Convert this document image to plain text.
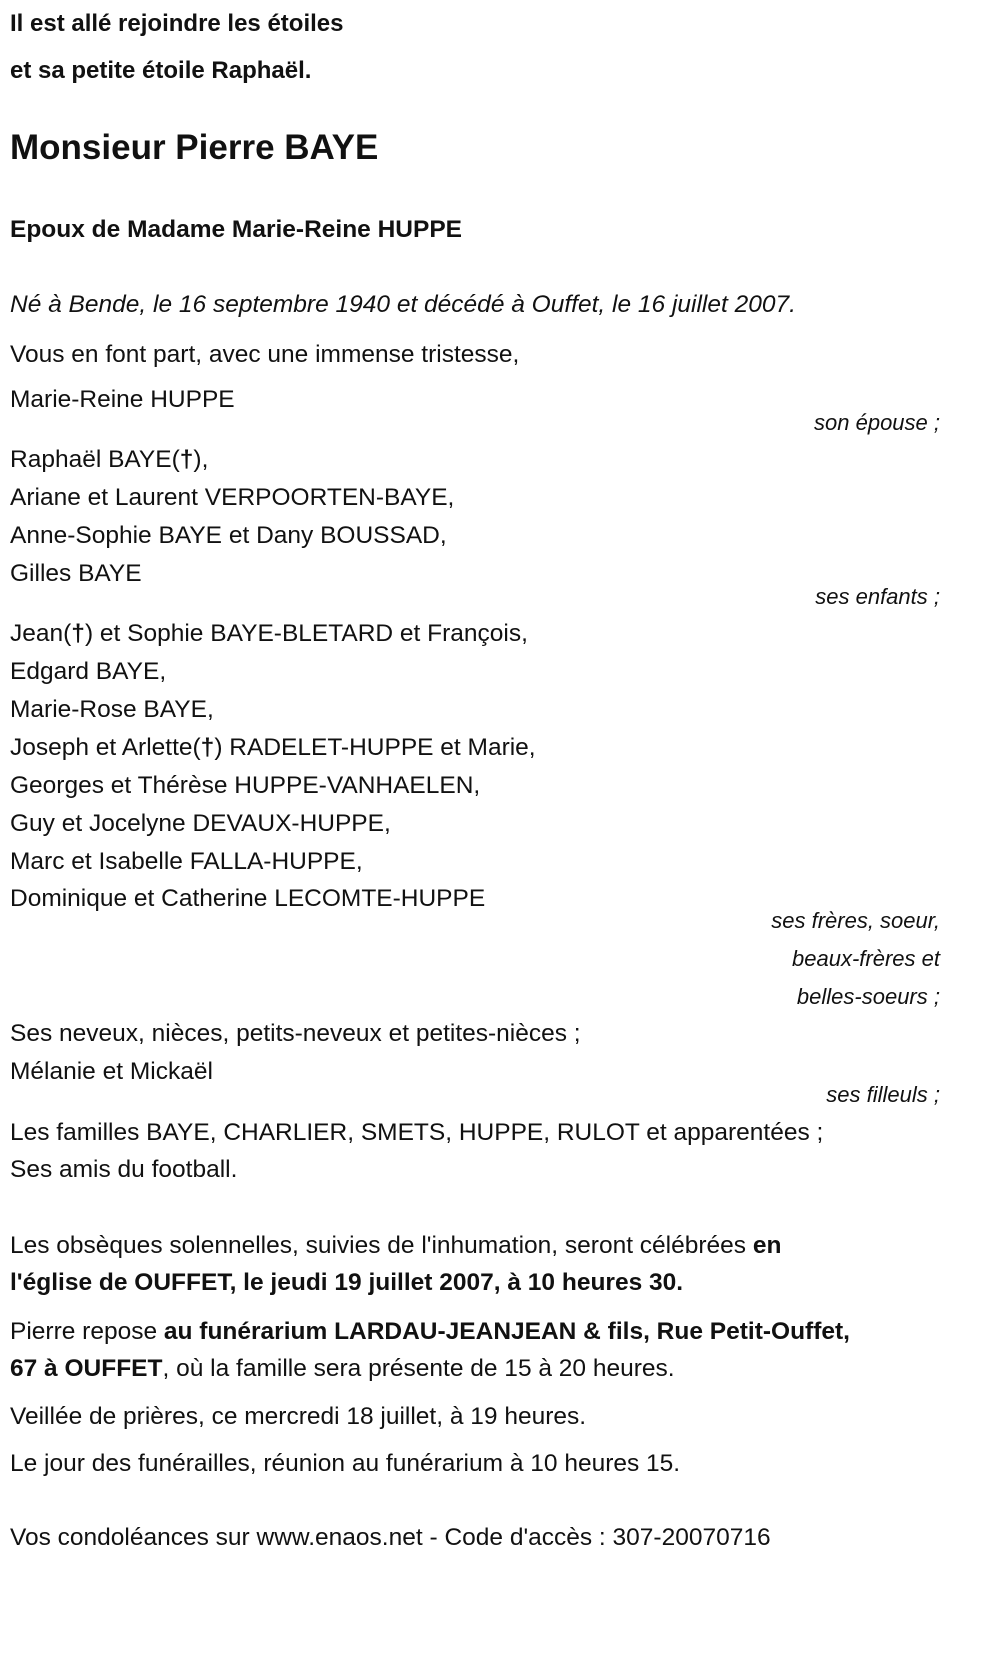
Il est allé rejoindre les étoiles
et sa petite étoile Raphaël.
Monsieur Pierre BAYE
Epoux de Madame Marie-Reine HUPPE
Né à Bende, le 16 septembre 1940 et décédé à Ouffet, le 16 juillet 2007.
Vous en font part, avec une immense tristesse,
Marie-Reine HUPPE
son épouse ;
Raphaël BAYE(†),
Ariane et Laurent VERPOORTEN-BAYE,
Anne-Sophie BAYE et Dany BOUSSAD,
Gilles BAYE
ses enfants ;
Jean(†) et Sophie BAYE-BLETARD et François,
Edgard BAYE,
Marie-Rose BAYE,
Joseph et Arlette(†) RADELET-HUPPE et Marie,
Georges et Thérèse HUPPE-VANHAELEN,
Guy et Jocelyne DEVAUX-HUPPE,
Marc et Isabelle FALLA-HUPPE,
Dominique et Catherine LECOMTE-HUPPE
ses frères, soeur,
beaux-frères et
belles-soeurs ;
Ses neveux, nièces, petits-neveux et petites-nièces ;
Mélanie et Mickaël
ses filleuls ;
Les familles BAYE, CHARLIER, SMETS, HUPPE, RULOT et apparentées ;
Ses amis du football.
Les obsèques solennelles, suivies de l'inhumation, seront célébrées en
l'église de OUFFET, le jeudi 19 juillet 2007, à 10 heures 30.
Pierre repose au funérarium LARDAU-JEANJEAN & fils, Rue Petit-Ouffet,
67 à OUFFET, où la famille sera présente de 15 à 20 heures.
Veillée de prières, ce mercredi 18 juillet, à 19 heures.
Le jour des funérailles, réunion au funérarium à 10 heures 15.
Vos condoléances sur www.enaos.net - Code d'accès : 307-20070716
